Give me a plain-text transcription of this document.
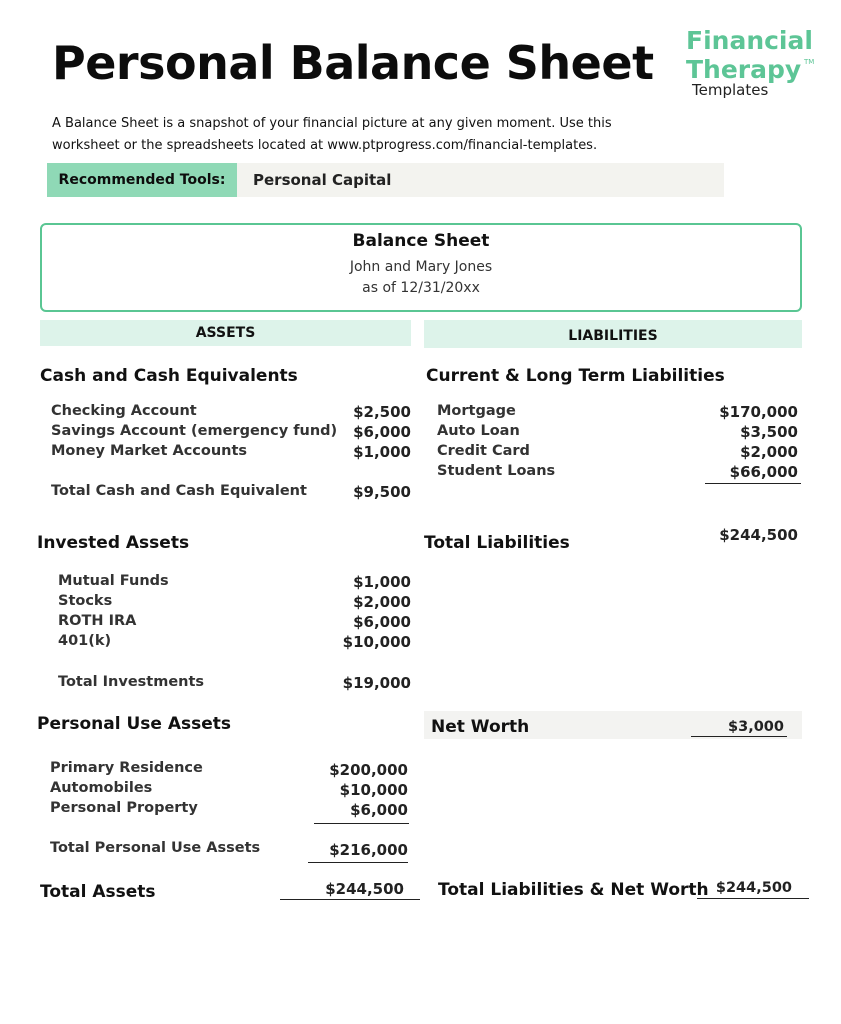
Personal Balance Sheet Financial
Therapy TM
Templates
A Balance Sheet is a snapshot of your financial picture at any given moment. Use this
worksheet or the spreadsheets located at www.ptprogress.com/financial-templates.
Recommended Tools:	Personal Capital
Balance Sheet
John and Mary Jones
as of 12/31/20xx
ASSETS	LIABILITIES
Cash and Cash Equivalents
Checking Account	$2,500
Savings Account (emergency fund)	$6,000
Money Market Accounts	$1,000
Total Cash and Cash Equivalent	$9,500
Invested Assets
Mutual Funds	$1,000
Stocks	$2,000
ROTH IRA	$6,000
401(k)	$10,000
Total Investments	$19,000
Personal Use Assets
Primary Residence	$200,000
Automobiles	$10,000
Personal Property	$6,000
Total Personal Use Assets	$216,000
Total Assets	$244,500
Current & Long Term Liabilities
Mortgage	$170,000
Auto Loan	$3,500
Credit Card	$2,000
Student Loans	$66,000
Total Liabilities	$244,500
Net Worth	$3,000
Total Liabilities & Net Worth $244,500
